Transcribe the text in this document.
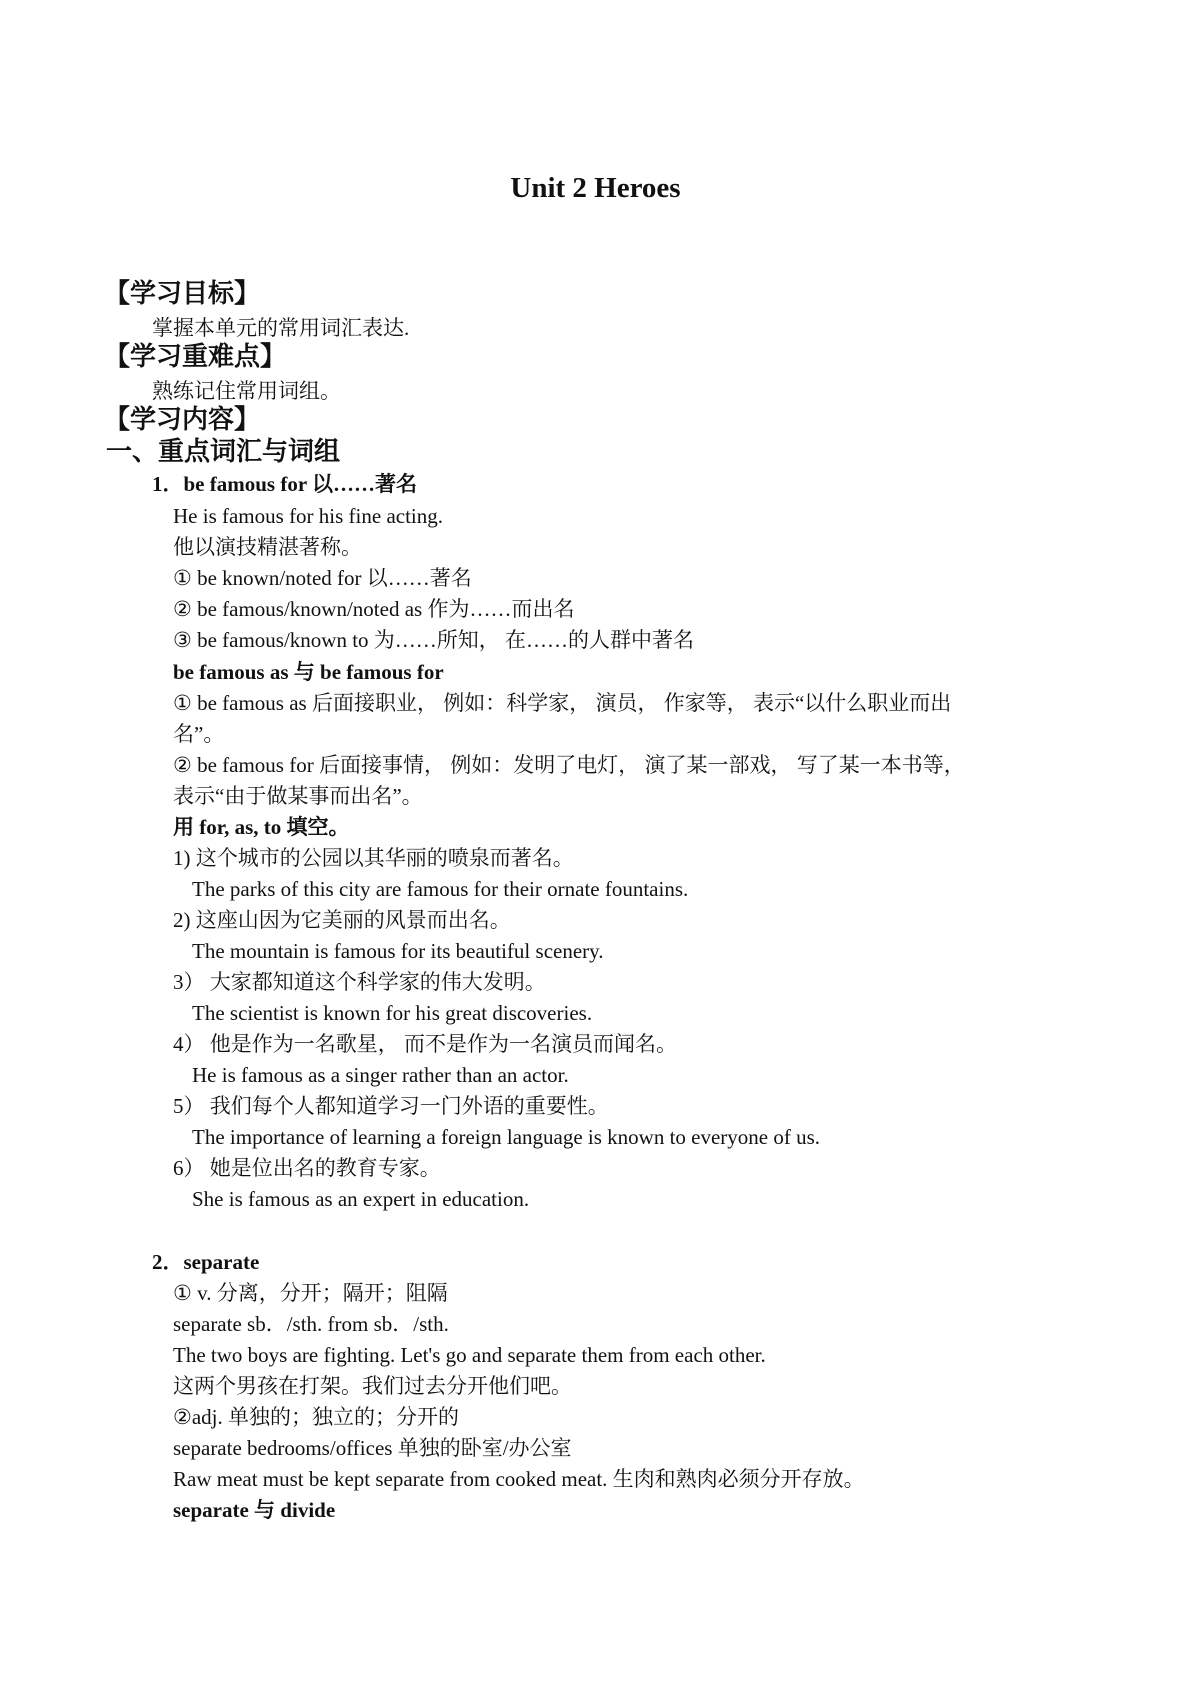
Unit 2 Heroes
【学习目标】
掌握本单元的常用词汇表达.
【学习重难点】
熟练记住常用词组。
【学习内容】
一、重点词汇与词组
1．be famous for 以……著名
He is famous for his fine acting.
他以演技精湛著称。
① be known/noted for 以……著名
② be famous/known/noted as 作为……而出名
③ be famous/known to 为……所知， 在……的人群中著名
be famous as 与 be famous for
① be famous as 后面接职业， 例如：科学家， 演员， 作家等， 表示“以什么职业而出
名”。
② be famous for 后面接事情， 例如：发明了电灯， 演了某一部戏， 写了某一本书等，
表示“由于做某事而出名”。
用 for, as, to 填空。
1) 这个城市的公园以其华丽的喷泉而著名。
The parks of this city are famous for their ornate fountains.
2) 这座山因为它美丽的风景而出名。
The mountain is famous for its beautiful scenery.
3） 大家都知道这个科学家的伟大发明。
The scientist is known for his great discoveries.
4） 他是作为一名歌星， 而不是作为一名演员而闻名。
He is famous as a singer rather than an actor.
5） 我们每个人都知道学习一门外语的重要性。
The importance of learning a foreign language is known to everyone of us.
6） 她是位出名的教育专家。
She is famous as an expert in education.
2．separate
① v. 分离，分开；隔开；阻隔
separate sb．/sth. from sb．/sth.
The two boys are fighting. Let's go and separate them from each other.
这两个男孩在打架。我们过去分开他们吧。
②adj. 单独的；独立的；分开的
separate bedrooms/offices 单独的卧室/办公室
Raw meat must be kept separate from cooked meat. 生肉和熟肉必须分开存放。
separate 与 divide
